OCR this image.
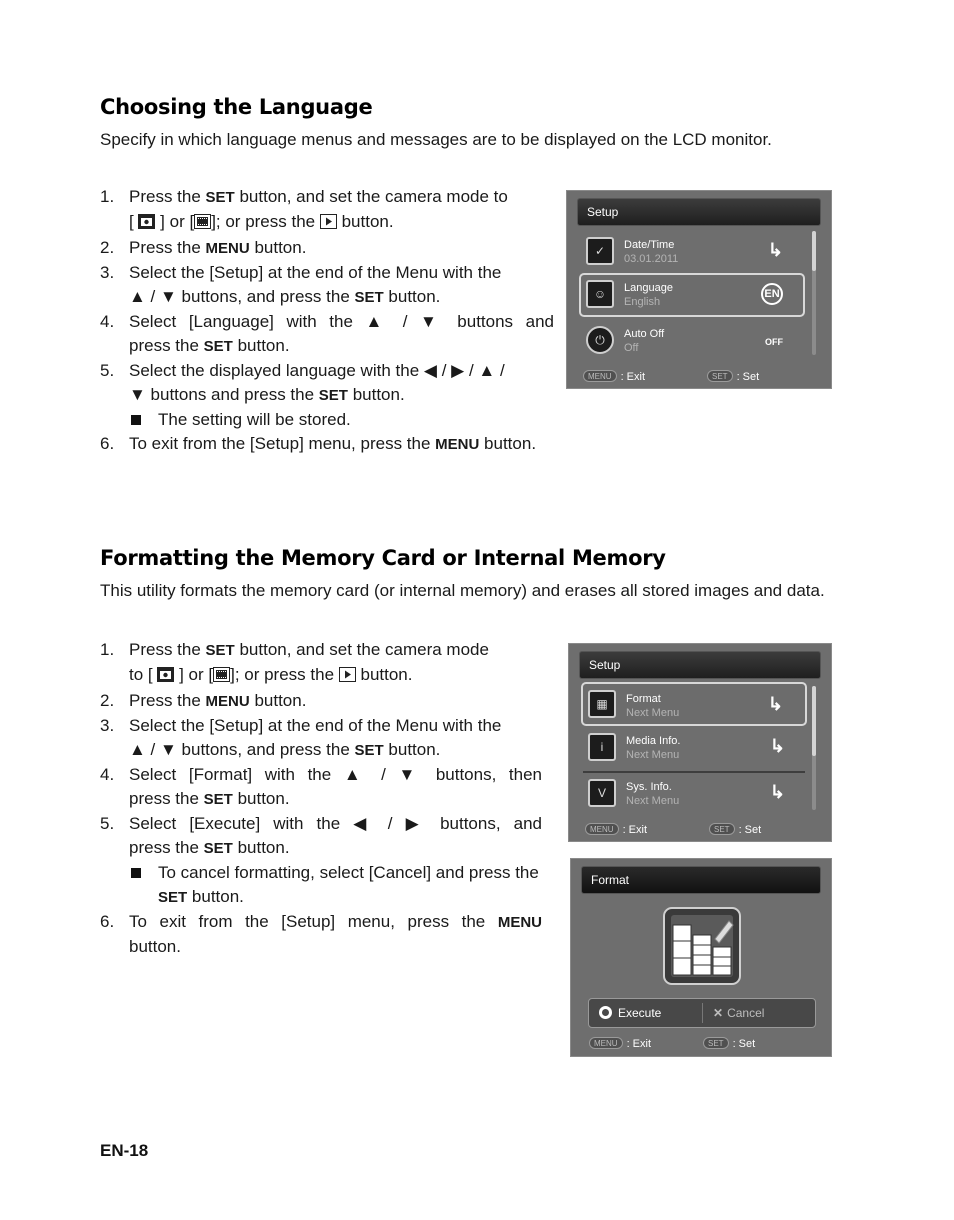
Choosing the Language
Specify in which language menus and messages are to be displayed on the LCD monitor.
1. Press the SET button, and set the camera mode to
[  ] or [ ]; or press the  button.
2. Press the MENU button.
3. Select the [Setup] at the end of the Menu with the
▲ / ▼ buttons, and press the SET button.
4. Select [Language] with the ▲ / ▼ buttons and
press the SET button.
5. Select the displayed language with the ◀ / ▶ / ▲ /
▼ buttons and press the SET button.
The setting will be stored.
6. To exit from the [Setup] menu, press the MENU button.
Setup
✓	Date/Time
03.01.2011	↳
☺	Language
English
EN
⏻	Auto Off
Off	OFF
MENU : Exit	SET : Set
Formatting the Memory Card or Internal Memory
This utility formats the memory card (or internal memory) and erases all stored images and data.
1. Press the SET button, and set the camera mode
to [  ] or [ ]; or press the  button.
2. Press the MENU button.
3. Select the [Setup] at the end of the Menu with the
▲ / ▼ buttons, and press the SET button.
4. Select [Format] with the ▲ / ▼ buttons, then
press the SET button.
5. Select [Execute] with the ◀ / ▶ buttons, and
press the SET button.
To cancel formatting, select [Cancel] and press the SET button.
6. To exit from the [Setup] menu, press the MENU
button.
Setup
▦	Format
Next Menu	↳
i	Media Info.
Next Menu	↳
V	Sys. Info.
Next Menu	↳
MENU : Exit	SET : Set
Format
Execute	✕ Cancel
MENU : Exit	SET : Set
EN-18
